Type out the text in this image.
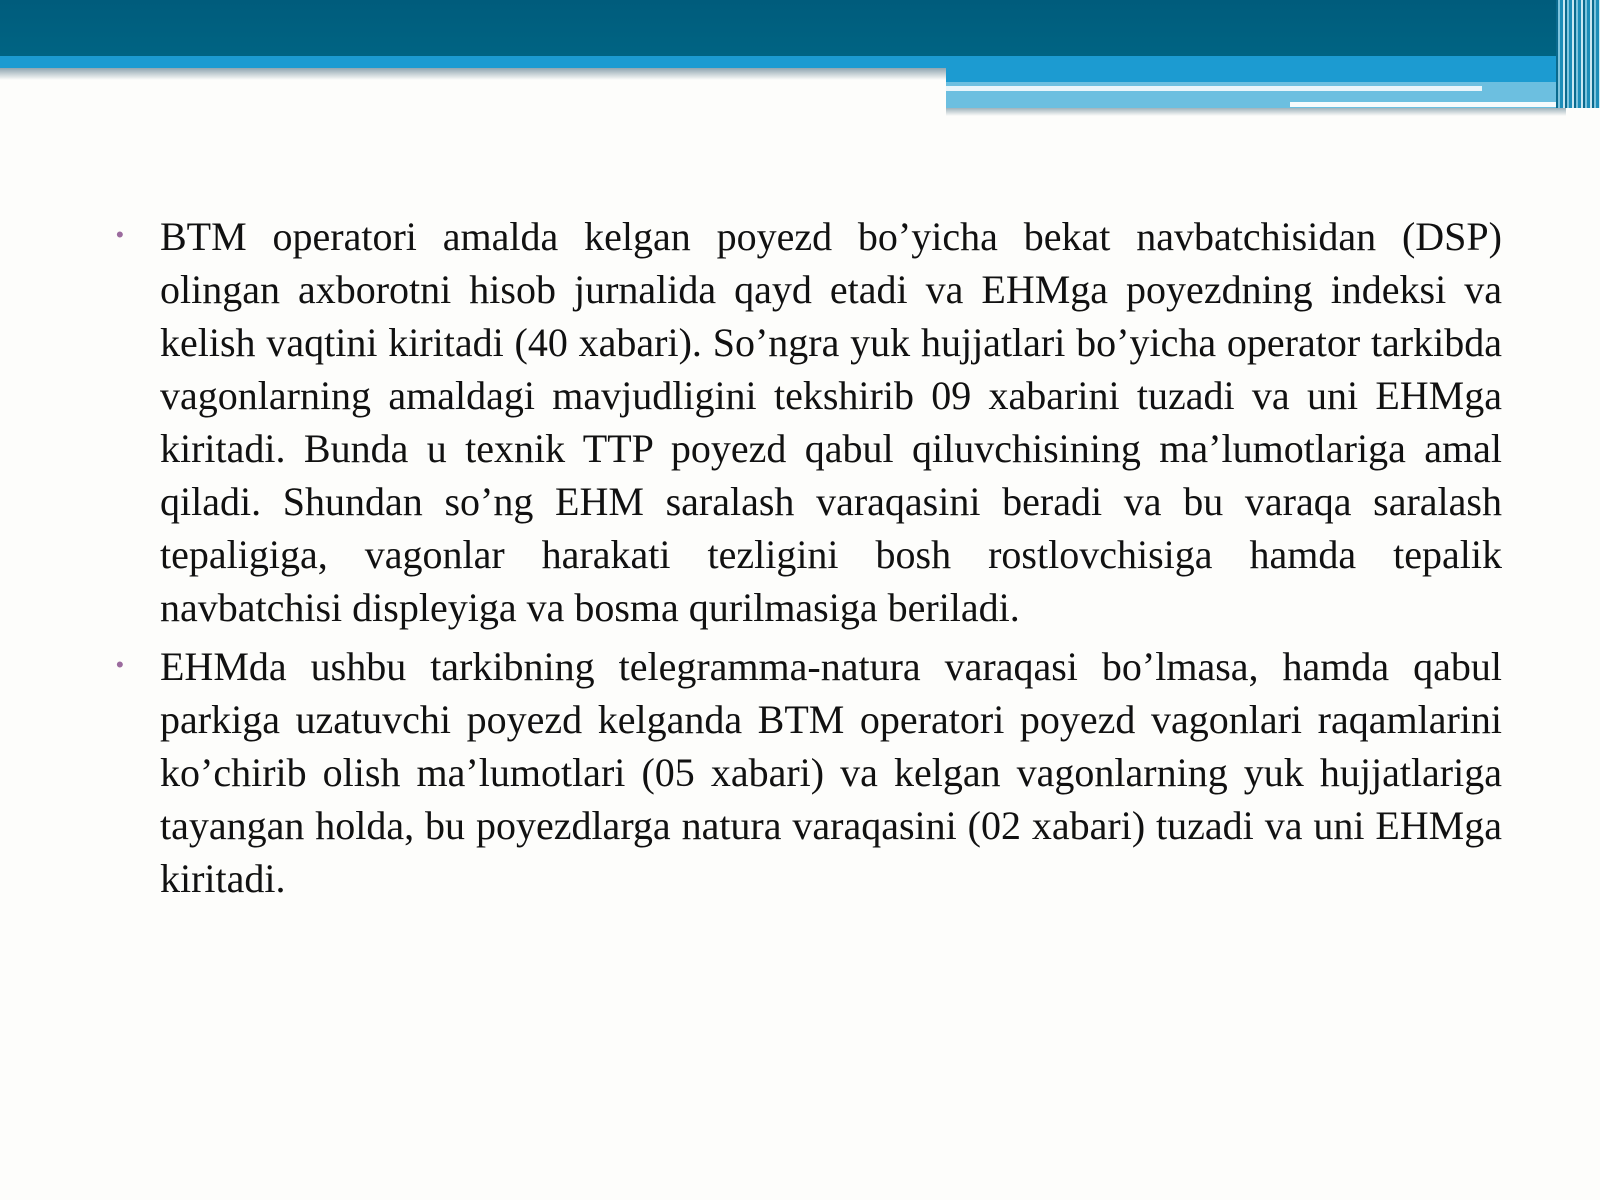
• BTM operatori amalda kelgan poyezd bo’yicha bekat navbatchisidan (DSP) olingan axborotni hisob jurnalida qayd etadi va EHMga poyezdning indeksi va kelish vaqtini kiritadi (40 xabari). So’ngra yuk hujjatlari bo’yicha operator tarkibda vagonlarning amaldagi mavjudligini tekshirib 09 xabarini tuzadi va uni EHMga kiritadi. Bunda u texnik TTP poyezd qabul qiluvchisining ma’lumotlariga amal qiladi. Shundan so’ng EHM saralash varaqasini beradi va bu varaqa saralash tepaligiga, vagonlar harakati tezligini bosh rostlovchisiga hamda tepalik navbatchisi displeyiga va bosma qurilmasiga beriladi.

• EHMda ushbu tarkibning telegramma-natura varaqasi bo’lmasa, hamda qabul parkiga uzatuvchi poyezd kelganda BTM operatori poyezd vagonlari raqamlarini ko’chirib olish ma’lumotlari (05 xabari) va kelgan vagonlarning yuk hujjatlariga tayangan holda, bu poyezdlarga natura varaqasini (02 xabari) tuzadi va uni EHMga kiritadi.
